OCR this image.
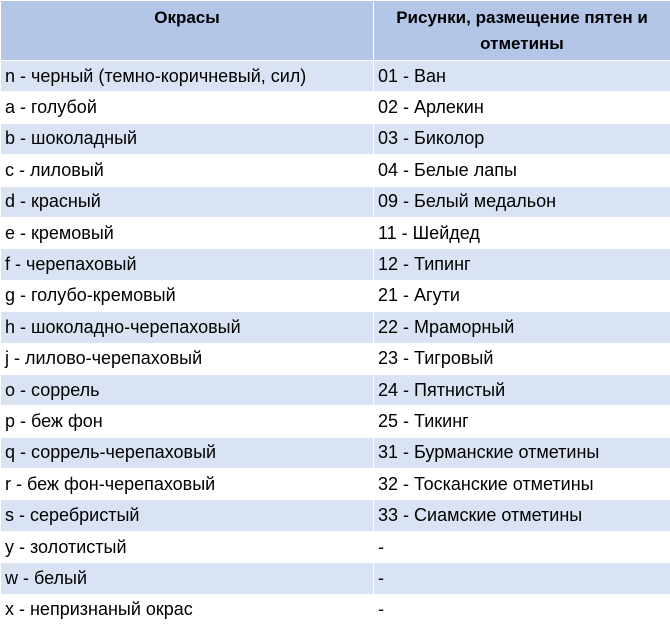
Окрасы	Рисунки, размещение пятен и отметины
n - черный (темно-коричневый, сил)	01 - Ван
a - голубой	02 - Арлекин
b - шоколадный	03 - Биколор
c - лиловый	04 - Белые лапы
d - красный	09 - Белый медальон
e - кремовый	11 - Шейдед
f - черепаховый	12 - Типинг
g - голубо-кремовый	21 - Агути
h - шоколадно-черепаховый	22 - Мраморный
j - лилово-черепаховый	23 - Тигровый
o - соррель	24 - Пятнистый
p - беж фон	25 - Тикинг
q - соррель-черепаховый	31 - Бурманские отметины
r - беж фон-черепаховый	32 - Тосканские отметины
s - серебристый	33 - Сиамские отметины
y - золотистый	-
w - белый	-
x - непризнаный окрас	-
